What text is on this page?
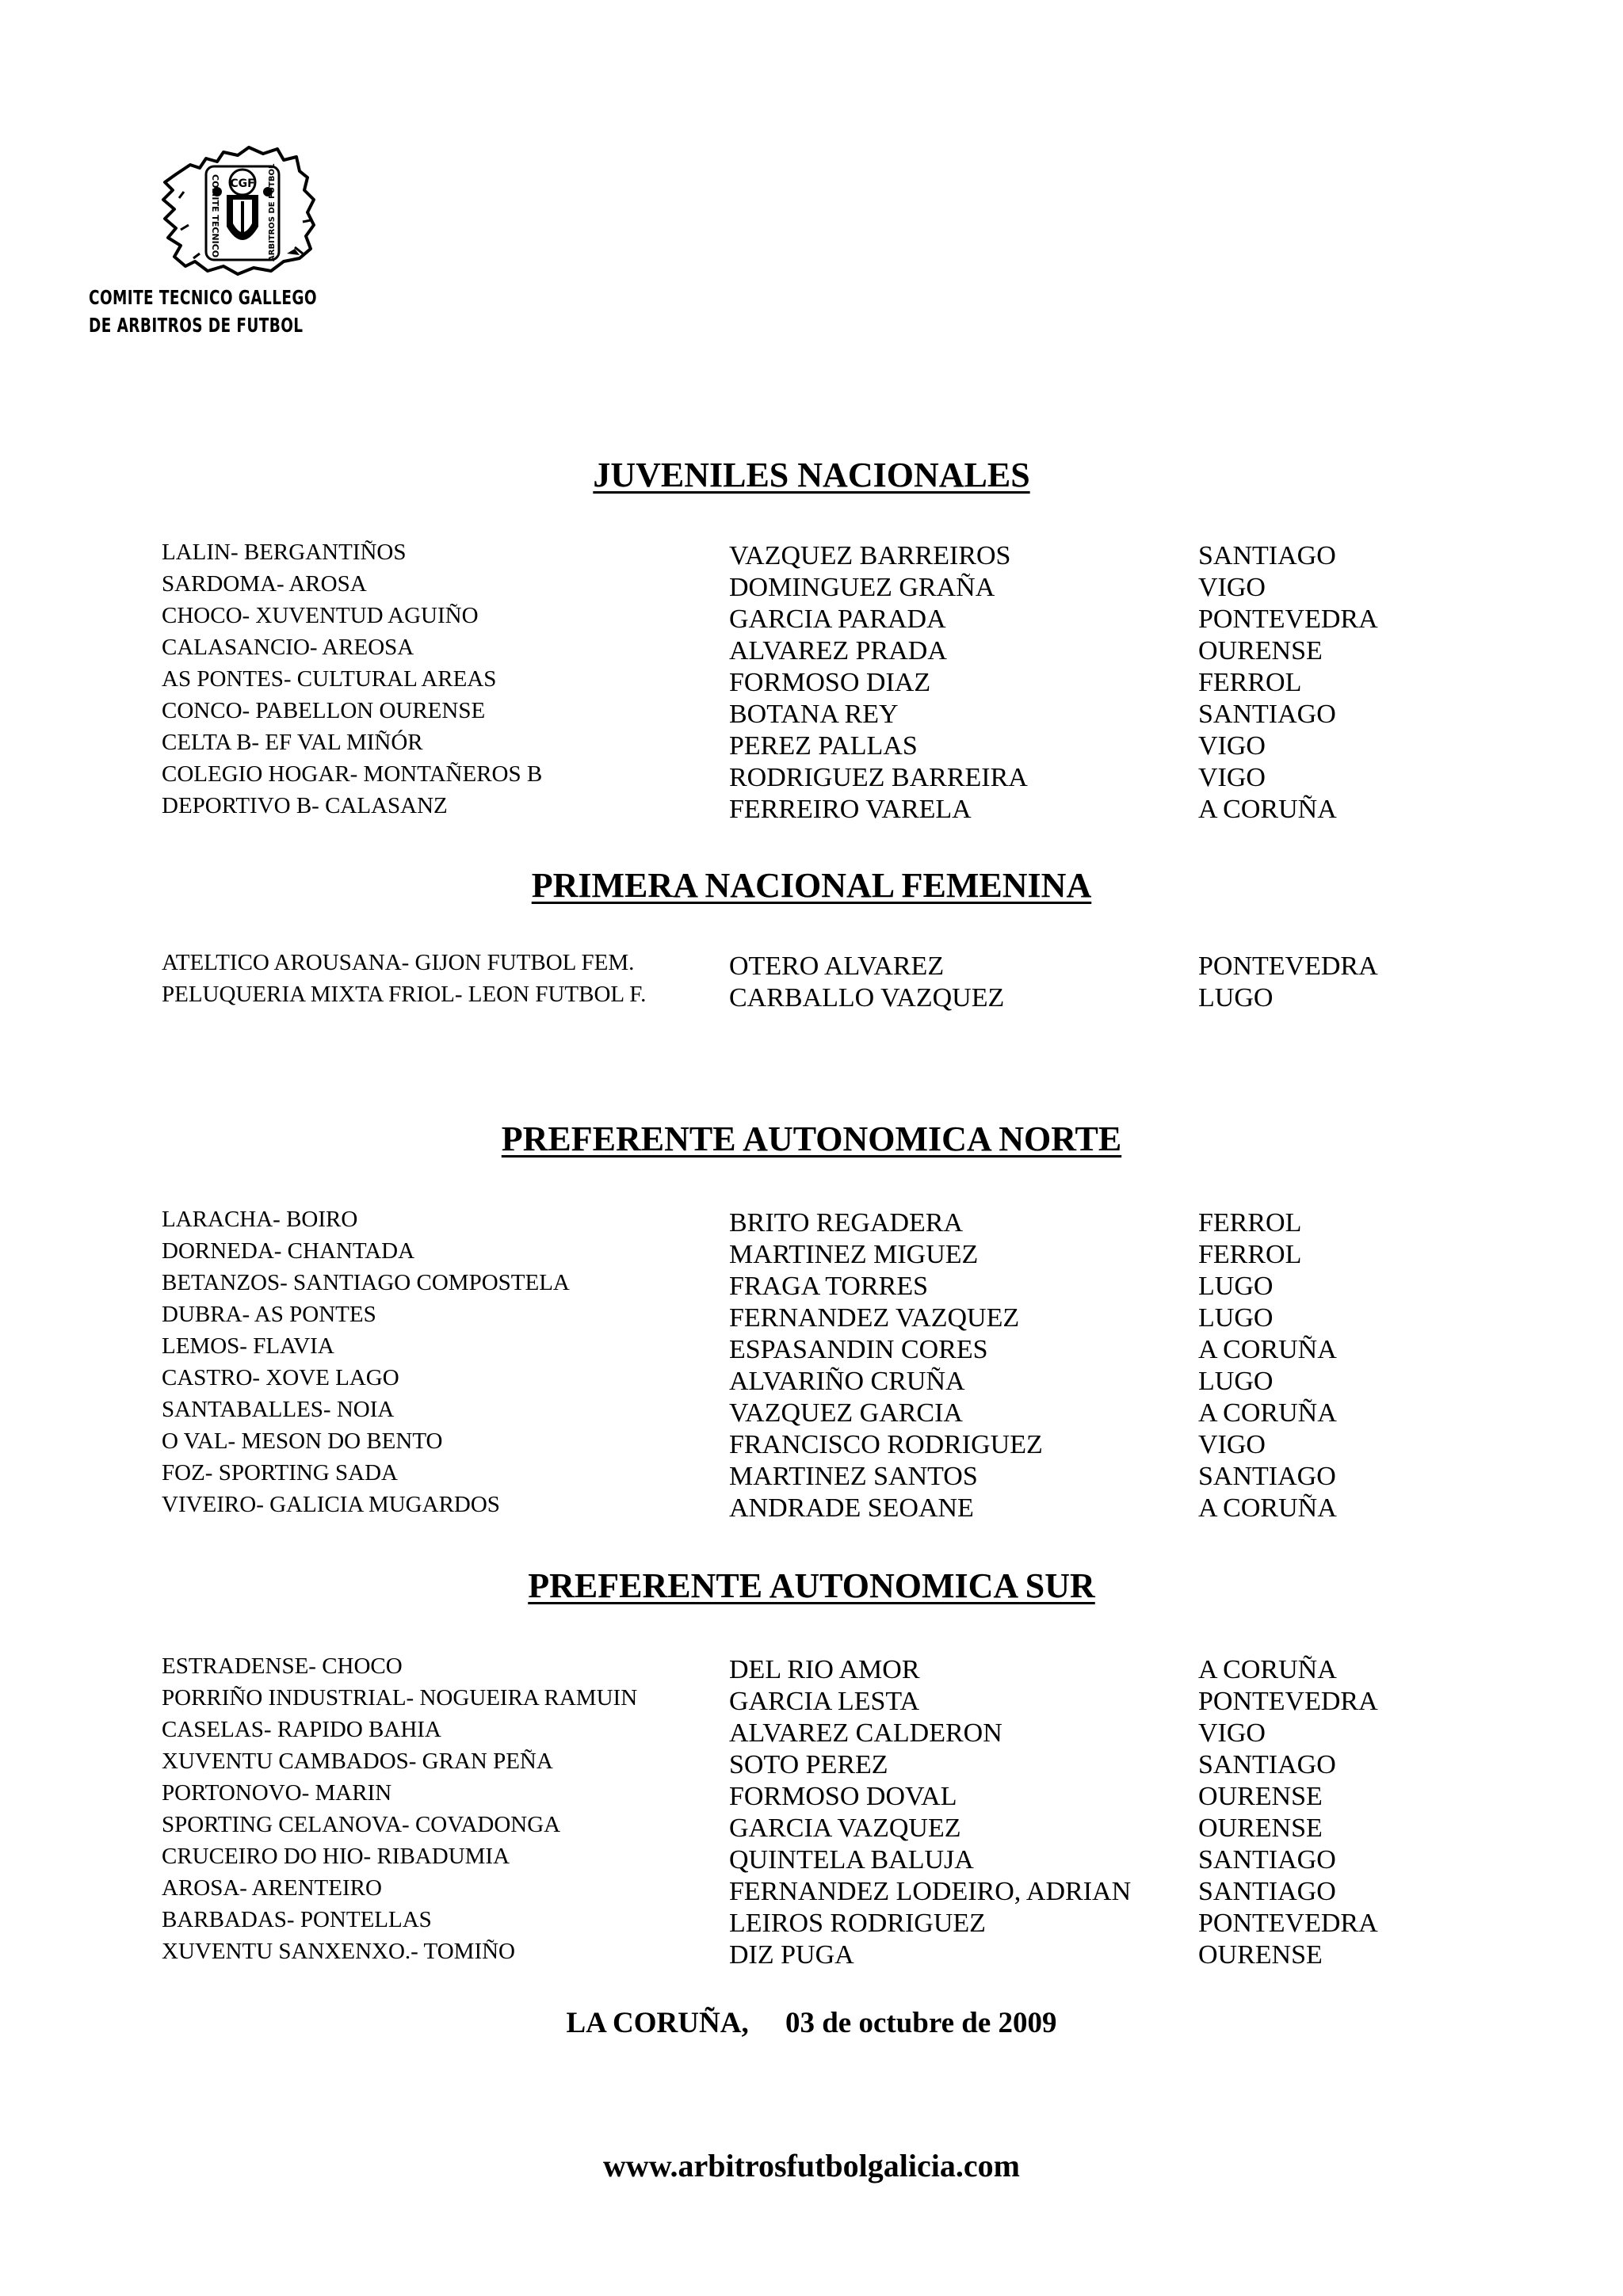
CGF
COMITE TECNICO	ARBITROS DE FUTBOL
COMITE TECNICO GALLEGO
DE ARBITROS DE FUTBOL
JUVENILES NACIONALES
LALIN- BERGANTIÑOS	VAZQUEZ BARREIROS	SANTIAGO
SARDOMA- AROSA	DOMINGUEZ GRAÑA	VIGO
CHOCO- XUVENTUD AGUIÑO	GARCIA PARADA	PONTEVEDRA
CALASANCIO- AREOSA	ALVAREZ PRADA	OURENSE
AS PONTES- CULTURAL AREAS	FORMOSO DIAZ	FERROL
CONCO- PABELLON OURENSE	BOTANA REY	SANTIAGO
CELTA B- EF VAL MIÑÓR	PEREZ PALLAS	VIGO
COLEGIO HOGAR- MONTAÑEROS B	RODRIGUEZ BARREIRA	VIGO
DEPORTIVO B- CALASANZ	FERREIRO VARELA	A CORUÑA
PRIMERA NACIONAL FEMENINA
ATELTICO AROUSANA- GIJON FUTBOL FEM.	OTERO ALVAREZ	PONTEVEDRA
PELUQUERIA MIXTA FRIOL- LEON FUTBOL F.	CARBALLO VAZQUEZ	LUGO
PREFERENTE AUTONOMICA NORTE
LARACHA- BOIRO	BRITO REGADERA	FERROL
DORNEDA- CHANTADA	MARTINEZ MIGUEZ	FERROL
BETANZOS- SANTIAGO COMPOSTELA	FRAGA TORRES	LUGO
DUBRA- AS PONTES	FERNANDEZ VAZQUEZ	LUGO
LEMOS- FLAVIA	ESPASANDIN CORES	A CORUÑA
CASTRO- XOVE LAGO	ALVARIÑO CRUÑA	LUGO
SANTABALLES- NOIA	VAZQUEZ GARCIA	A CORUÑA
O VAL- MESON DO BENTO	FRANCISCO RODRIGUEZ	VIGO
FOZ- SPORTING SADA	MARTINEZ SANTOS	SANTIAGO
VIVEIRO- GALICIA MUGARDOS	ANDRADE SEOANE	A CORUÑA
PREFERENTE AUTONOMICA SUR
ESTRADENSE- CHOCO	DEL RIO AMOR	A CORUÑA
PORRIÑO INDUSTRIAL- NOGUEIRA RAMUIN	GARCIA LESTA	PONTEVEDRA
CASELAS- RAPIDO BAHIA	ALVAREZ CALDERON	VIGO
XUVENTU CAMBADOS- GRAN PEÑA	SOTO PEREZ	SANTIAGO
PORTONOVO- MARIN	FORMOSO DOVAL	OURENSE
SPORTING CELANOVA- COVADONGA	GARCIA VAZQUEZ	OURENSE
CRUCEIRO DO HIO- RIBADUMIA	QUINTELA BALUJA	SANTIAGO
AROSA- ARENTEIRO	FERNANDEZ LODEIRO, ADRIAN SANTIAGO
BARBADAS- PONTELLAS	LEIROS RODRIGUEZ	PONTEVEDRA
XUVENTU SANXENXO.- TOMIÑO	DIZ PUGA	OURENSE
LA CORUÑA, 03 de octubre de 2009
www.arbitrosfutbolgalicia.com
